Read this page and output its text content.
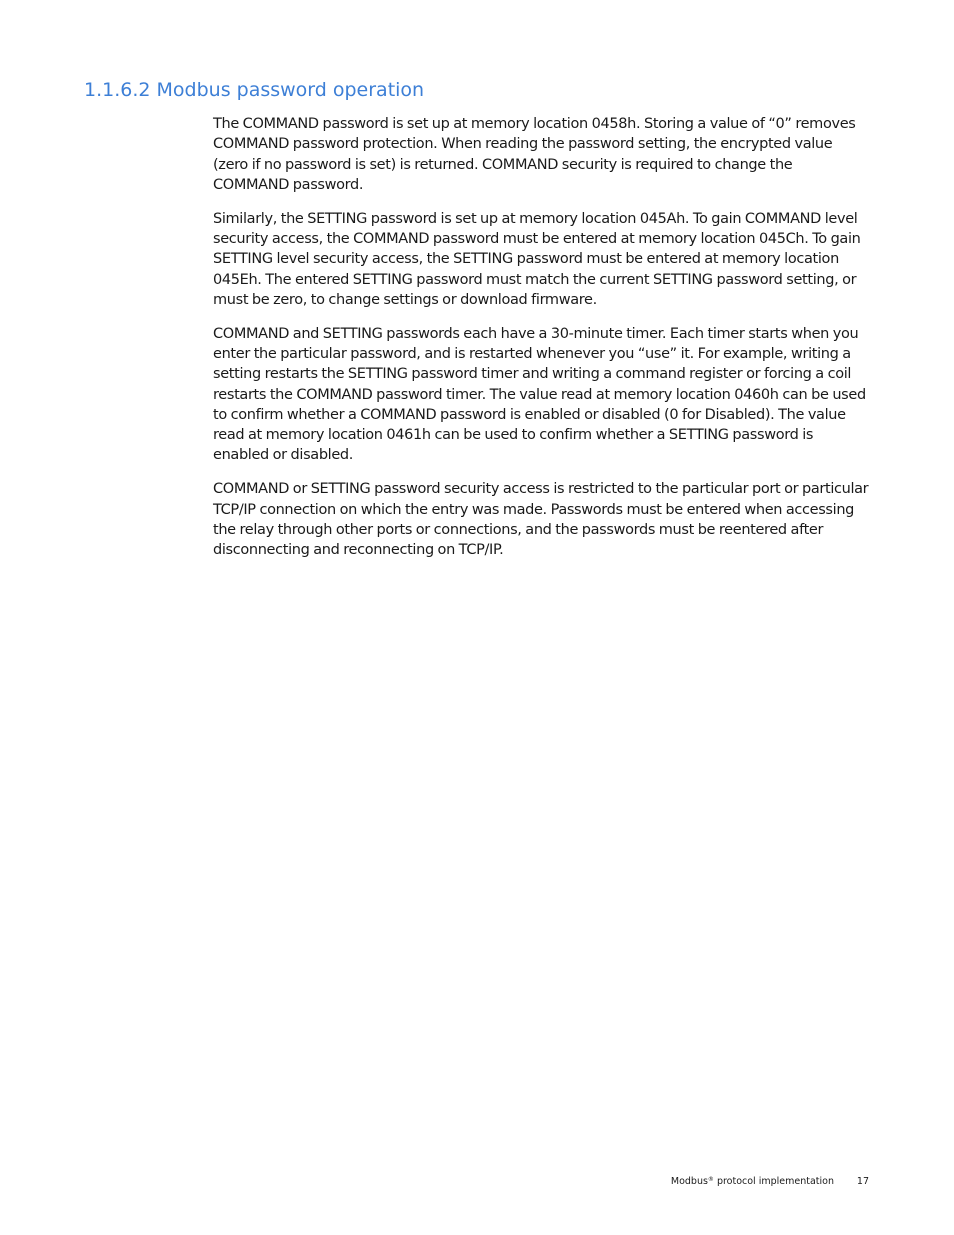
1.1.6.2 Modbus password operation

The COMMAND password is set up at memory location 0458h. Storing a value of “0” removes COMMAND password protection. When reading the password setting, the encrypted value (zero if no password is set) is returned. COMMAND security is required to change the COMMAND password.

Similarly, the SETTING password is set up at memory location 045Ah. To gain COMMAND level security access, the COMMAND password must be entered at memory location 045Ch. To gain SETTING level security access, the SETTING password must be entered at memory location 045Eh. The entered SETTING password must match the current SETTING password setting, or must be zero, to change settings or download firmware.

COMMAND and SETTING passwords each have a 30-minute timer. Each timer starts when you enter the particular password, and is restarted whenever you “use” it. For example, writing a setting restarts the SETTING password timer and writing a command register or forcing a coil restarts the COMMAND password timer. The value read at memory location 0460h can be used to confirm whether a COMMAND password is enabled or disabled (0 for Disabled). The value read at memory location 0461h can be used to confirm whether a SETTING password is enabled or disabled.

COMMAND or SETTING password security access is restricted to the particular port or particular TCP/IP connection on which the entry was made. Passwords must be entered when accessing the relay through other ports or connections, and the passwords must be reentered after disconnecting and reconnecting on TCP/IP.

Modbus® protocol implementation 17
